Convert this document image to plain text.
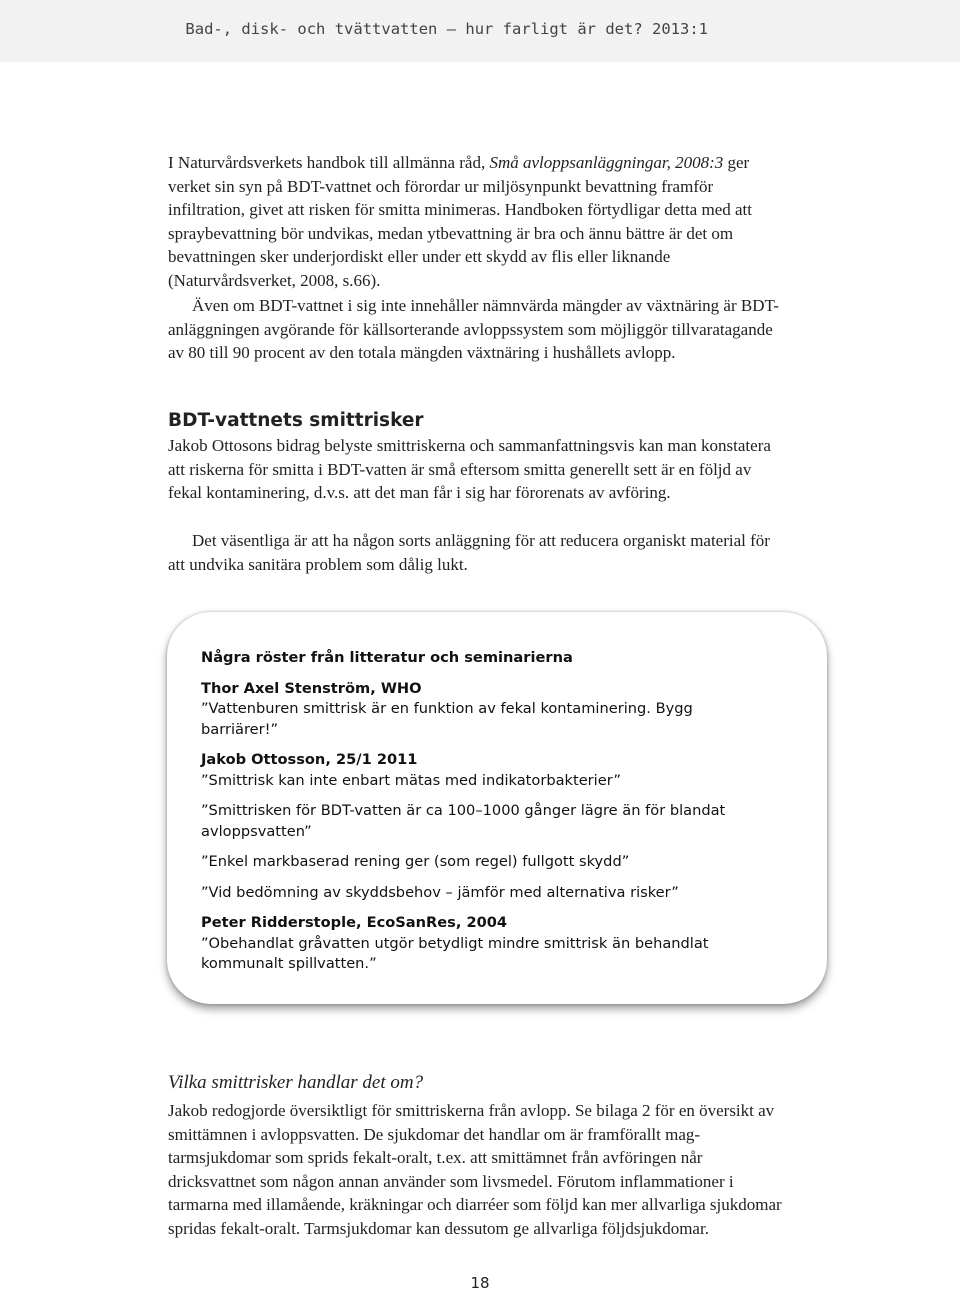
Bad-, disk- och tvättvatten – hur farligt är det? 2013:1

I Naturvårdsverkets handbok till allmänna råd, Små avloppsanläggningar, 2008:3 ger verket sin syn på BDT-vattnet och förordar ur miljösynpunkt bevattning framför infiltration, givet att risken för smitta minimeras. Handboken förtydligar detta med att spraybevattning bör undvikas, medan ytbevattning är bra och ännu bättre är det om bevattningen sker underjordiskt eller under ett skydd av flis eller liknande (Naturvårdsverket, 2008, s.66).

Även om BDT-vattnet i sig inte innehåller nämnvärda mängder av växtnäring är BDT-anläggningen avgörande för källsorterande avloppssystem som möjliggör tillvaratagande av 80 till 90 procent av den totala mängden växtnäring i hushållets avlopp.

BDT-vattnets smittrisker

Jakob Ottosons bidrag belyste smittriskerna och sammanfattningsvis kan man konstatera att riskerna för smitta i BDT-vatten är små eftersom smitta generellt sett är en följd av fekal kontaminering, d.v.s. att det man får i sig har förorenats av avföring.

Det väsentliga är att ha någon sorts anläggning för att reducera organiskt material för att undvika sanitära problem som dålig lukt.

Några röster från litteratur och seminarierna
Thor Axel Stenström, WHO
”Vattenburen smittrisk är en funktion av fekal kontaminering. Bygg barriärer!”
Jakob Ottosson, 25/1 2011
”Smittrisk kan inte enbart mätas med indikatorbakterier”
”Smittrisken för BDT-vatten är ca 100–1000 gånger lägre än för blandat avloppsvatten”
”Enkel markbaserad rening ger (som regel) fullgott skydd”
”Vid bedömning av skyddsbehov – jämför med alternativa risker”
Peter Ridderstople, EcoSanRes, 2004
”Obehandlat gråvatten utgör betydligt mindre smittrisk än behandlat kommunalt spillvatten.”
Vilka smittrisker handlar det om?

Jakob redogjorde översiktligt för smittriskerna från avlopp. Se bilaga 2 för en översikt av smittämnen i avloppsvatten. De sjukdomar det handlar om är framförallt mag-tarmsjukdomar som sprids fekalt-oralt, t.ex. att smittämnet från avföringen når dricksvattnet som någon annan använder som livsmedel. Förutom inflammationer i tarmarna med illamående, kräkningar och diarréer som följd kan mer allvarliga sjukdomar spridas fekalt-oralt. Tarmsjukdomar kan dessutom ge allvarliga följdsjukdomar.

18
